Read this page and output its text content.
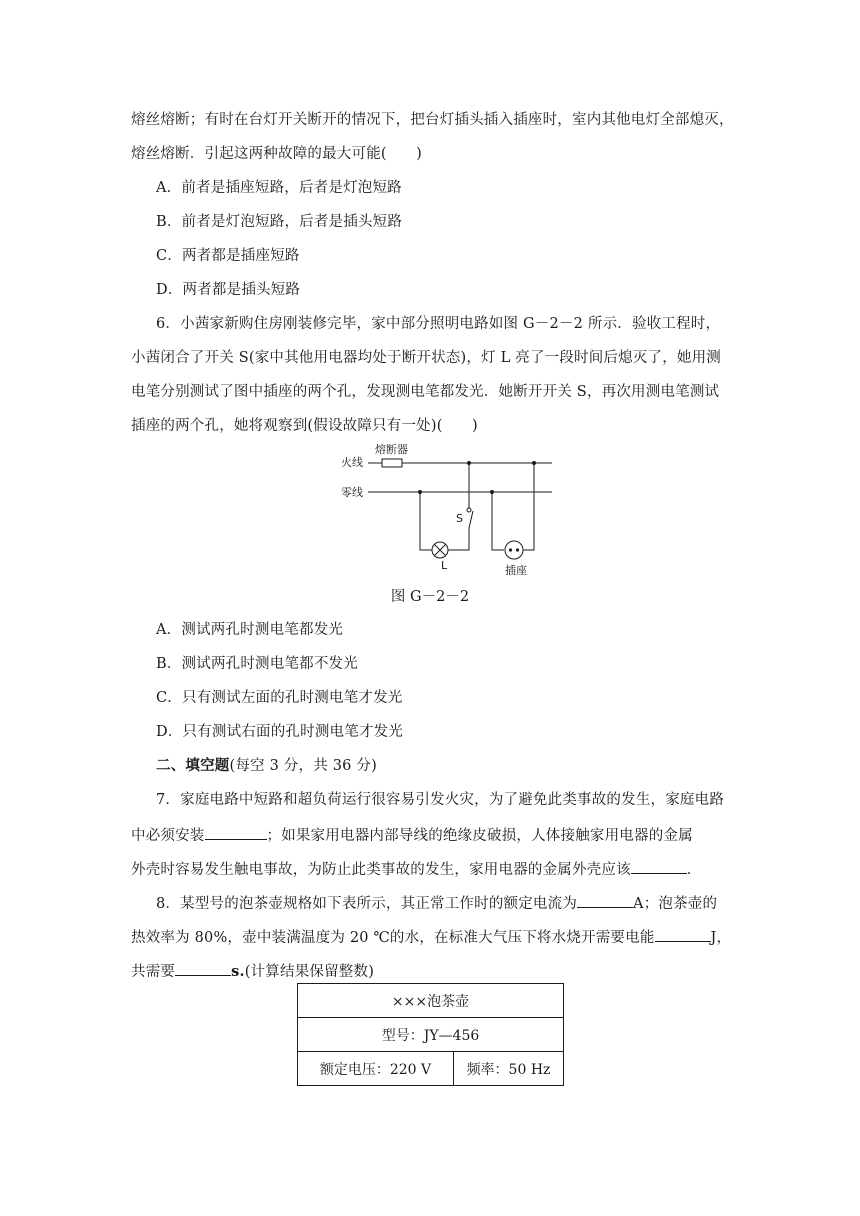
熔丝熔断；有时在台灯开关断开的情况下，把台灯插头插入插座时，室内其他电灯全部熄灭，
熔丝熔断．引起这两种故障的最大可能(　　)
A．前者是插座短路，后者是灯泡短路
B．前者是灯泡短路，后者是插头短路
C．两者都是插座短路
D．两者都是插头短路
6．小茜家新购住房刚装修完毕，家中部分照明电路如图 G－2－2 所示．验收工程时，
小茜闭合了开关 S(家中其他用电器均处于断开状态)，灯 L 亮了一段时间后熄灭了，她用测
电笔分别测试了图中插座的两个孔，发现测电笔都发光．她断开开关 S，再次用测电笔测试
插座的两个孔，她将观察到(假设故障只有一处)(　　)
熔断器
火线
零线
S
L	插座
图 G－2－2
A．测试两孔时测电笔都发光
B．测试两孔时测电笔都不发光
C．只有测试左面的孔时测电笔才发光
D．只有测试右面的孔时测电笔才发光
二、填空题(每空 3 分，共 36 分)
7．家庭电路中短路和超负荷运行很容易引发火灾，为了避免此类事故的发生，家庭电路
中必须安装	；如果家用电器内部导线的绝缘皮破损，人体接触家用电器的金属
外壳时容易发生触电事故，为防止此类事故的发生，家用电器的金属外壳应该	．
8．某型号的泡茶壶规格如下表所示，其正常工作时的额定电流为	A；泡茶壶的
热效率为 80%，壶中装满温度为 20 ℃的水，在标准大气压下将水烧开需要电能	J，
共需要	s.(计算结果保留整数)
×××泡茶壶
型号：JY—456
额定电压：220 V	频率：50 Hz
